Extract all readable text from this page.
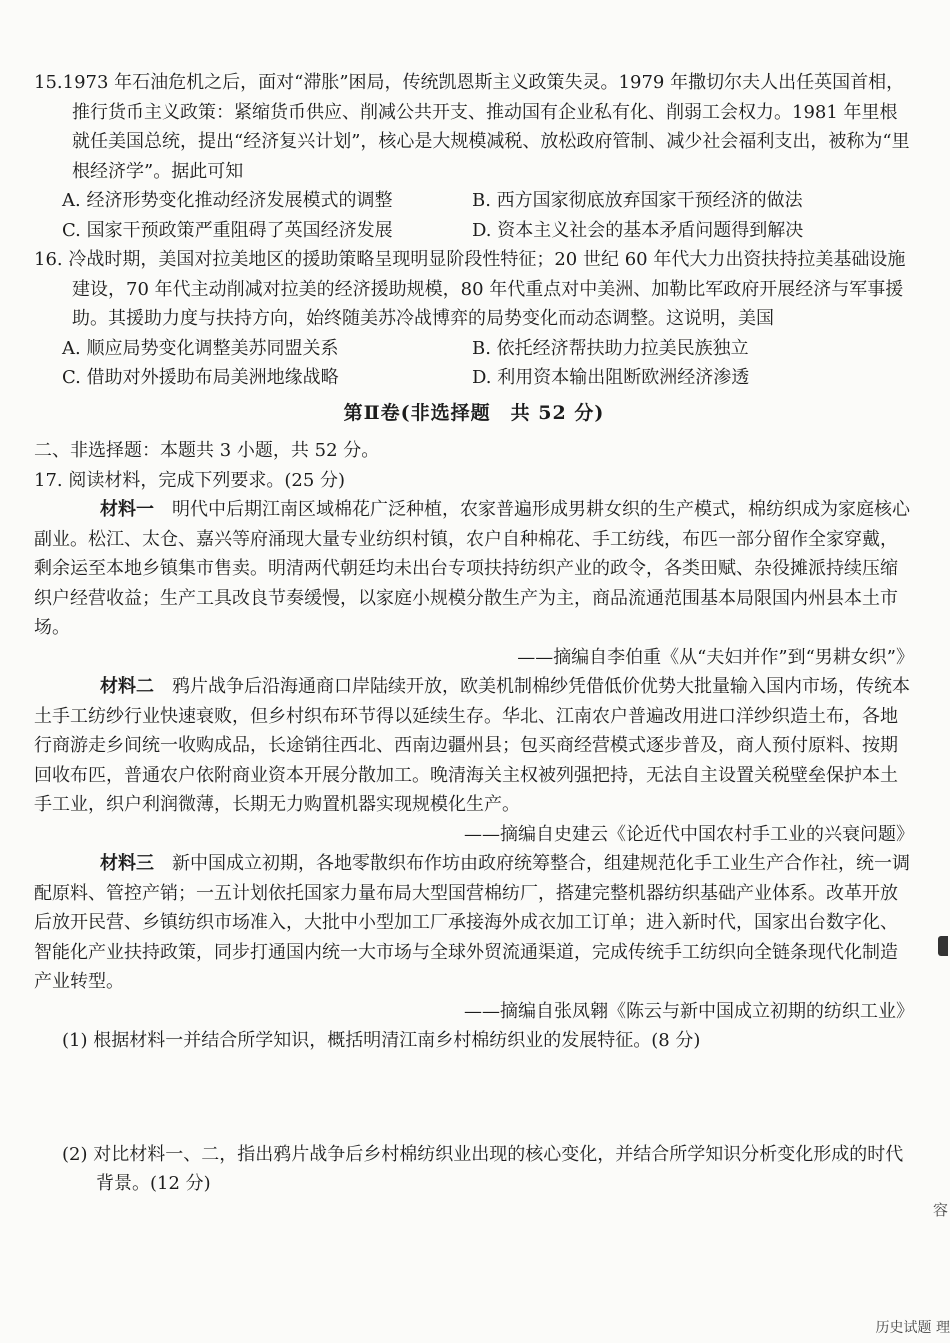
15.1973 年石油危机之后，面对“滞胀”困局，传统凯恩斯主义政策失灵。1979 年撒切尔夫人出任英国首相，推行货币主义政策：紧缩货币供应、削减公共开支、推动国有企业私有化、削弱工会权力。1981 年里根就任美国总统，提出“经济复兴计划”，核心是大规模减税、放松政府管制、减少社会福利支出，被称为“里根经济学”。据此可知

A. 经济形势变化推动经济发展模式的调整	B. 西方国家彻底放弃国家干预经济的做法
C. 国家干预政策严重阻碍了英国经济发展	D. 资本主义社会的基本矛盾问题得到解决

16. 冷战时期，美国对拉美地区的援助策略呈现明显阶段性特征；20 世纪 60 年代大力出资扶持拉美基础设施建设，70 年代主动削减对拉美的经济援助规模，80 年代重点对中美洲、加勒比军政府开展经济与军事援助。其援助力度与扶持方向，始终随美苏冷战博弈的局势变化而动态调整。这说明，美国

A. 顺应局势变化调整美苏同盟关系	B. 依托经济帮扶助力拉美民族独立
C. 借助对外援助布局美洲地缘战略	D. 利用资本输出阻断欧洲经济渗透

第Ⅱ卷(非选择题　共 52 分)

二、非选择题：本题共 3 小题，共 52 分。

17. 阅读材料，完成下列要求。(25 分)

材料一　 明代中后期江南区域棉花广泛种植，农家普遍形成男耕女织的生产模式，棉纺织成为家庭核心副业。松江、太仓、嘉兴等府涌现大量专业纺织村镇，农户自种棉花、手工纺线，布匹一部分留作全家穿戴，剩余运至本地乡镇集市售卖。明清两代朝廷均未出台专项扶持纺织产业的政令，各类田赋、杂役摊派持续压缩织户经营收益；生产工具改良节奏缓慢，以家庭小规模分散生产为主，商品流通范围基本局限国内州县本土市场。

——摘编自李伯重《从“夫妇并作”到“男耕女织”》

材料二　 鸦片战争后沿海通商口岸陆续开放，欧美机制棉纱凭借低价优势大批量输入国内市场，传统本土手工纺纱行业快速衰败，但乡村织布环节得以延续生存。华北、江南农户普遍改用进口洋纱织造土布，各地行商游走乡间统一收购成品，长途销往西北、西南边疆州县；包买商经营模式逐步普及，商人预付原料、按期回收布匹，普通农户依附商业资本开展分散加工。晚清海关主权被列强把持，无法自主设置关税壁垒保护本土手工业，织户利润微薄，长期无力购置机器实现规模化生产。

——摘编自史建云《论近代中国农村手工业的兴衰问题》

材料三　 新中国成立初期，各地零散织布作坊由政府统筹整合，组建规范化手工业生产合作社，统一调配原料、管控产销；一五计划依托国家力量布局大型国营棉纺厂，搭建完整机器纺织基础产业体系。改革开放后放开民营、乡镇纺织市场准入，大批中小型加工厂承接海外成衣加工订单；进入新时代，国家出台数字化、智能化产业扶持政策，同步打通国内统一大市场与全球外贸流通渠道，完成传统手工纺织向全链条现代化制造产业转型。

——摘编自张凤翱《陈云与新中国成立初期的纺织工业》

(1) 根据材料一并结合所学知识，概括明清江南乡村棉纺织业的发展特征。(8 分)

(2) 对比材料一、二，指出鸦片战争后乡村棉纺织业出现的核心变化，并结合所学知识分析变化形成的时代背景。(12 分)

容
历史试题 理
